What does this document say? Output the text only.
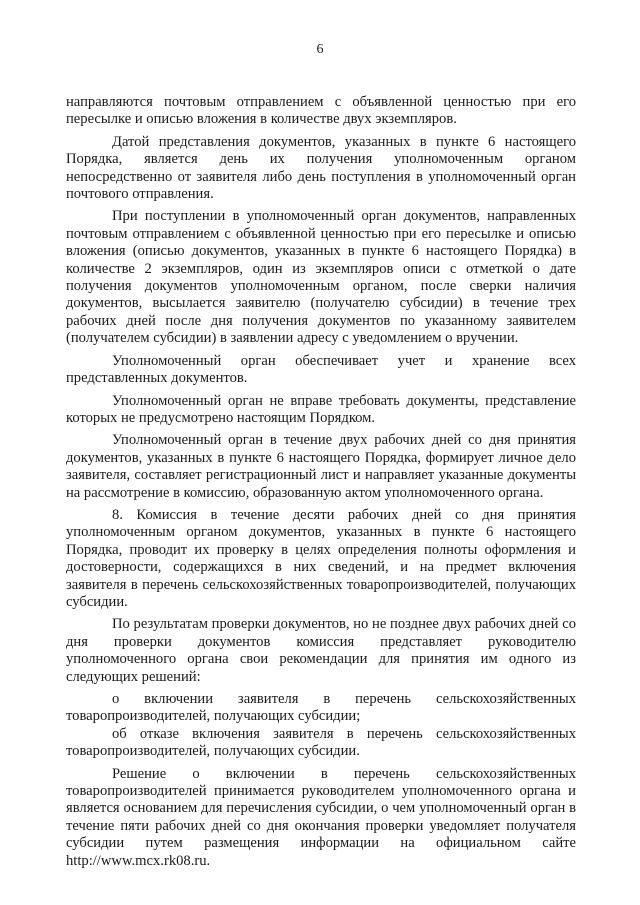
6

направляются почтовым отправлением с объявленной ценностью при его пересылке и описью вложения в количестве двух экземпляров.

Датой представления документов, указанных в пункте 6 настоящего Порядка, является день их получения уполномоченным органом непосредственно от заявителя либо день поступления в уполномоченный орган почтового отправления.

При поступлении в уполномоченный орган документов, направленных почтовым отправлением с объявленной ценностью при его пересылке и описью вложения (описью документов, указанных в пункте 6 настоящего Порядка) в количестве 2 экземпляров, один из экземпляров описи с отметкой о дате получения документов уполномоченным органом, после сверки наличия документов, высылается заявителю (получателю субсидии) в течение трех рабочих дней после дня получения документов по указанному заявителем (получателем субсидии) в заявлении адресу с уведомлением о вручении.

Уполномоченный орган обеспечивает учет и хранение всех представленных документов.

Уполномоченный орган не вправе требовать документы, представление которых не предусмотрено настоящим Порядком.

Уполномоченный орган в течение двух рабочих дней со дня принятия документов, указанных в пункте 6 настоящего Порядка, формирует личное дело заявителя, составляет регистрационный лист и направляет указанные документы на рассмотрение в комиссию, образованную актом уполномоченного органа.

8. Комиссия в течение десяти рабочих дней со дня принятия уполномоченным органом документов, указанных в пункте 6 настоящего Порядка, проводит их проверку в целях определения полноты оформления и достоверности, содержащихся в них сведений, и на предмет включения заявителя в перечень сельскохозяйственных товаропроизводителей, получающих субсидии.

По результатам проверки документов, но не позднее двух рабочих дней со дня проверки документов комиссия представляет руководителю уполномоченного органа свои рекомендации для принятия им одного из следующих решений:

о включении заявителя в перечень сельскохозяйственных товаропроизводителей, получающих субсидии;

об отказе включения заявителя в перечень сельскохозяйственных товаропроизводителей, получающих субсидии.

Решение о включении в перечень сельскохозяйственных товаропроизводителей принимается руководителем уполномоченного органа и является основанием для перечисления субсидии, о чем уполномоченный орган в течение пяти рабочих дней со дня окончания проверки уведомляет получателя субсидии путем размещения информации на официальном сайте http://www.mcx.rk08.ru.
